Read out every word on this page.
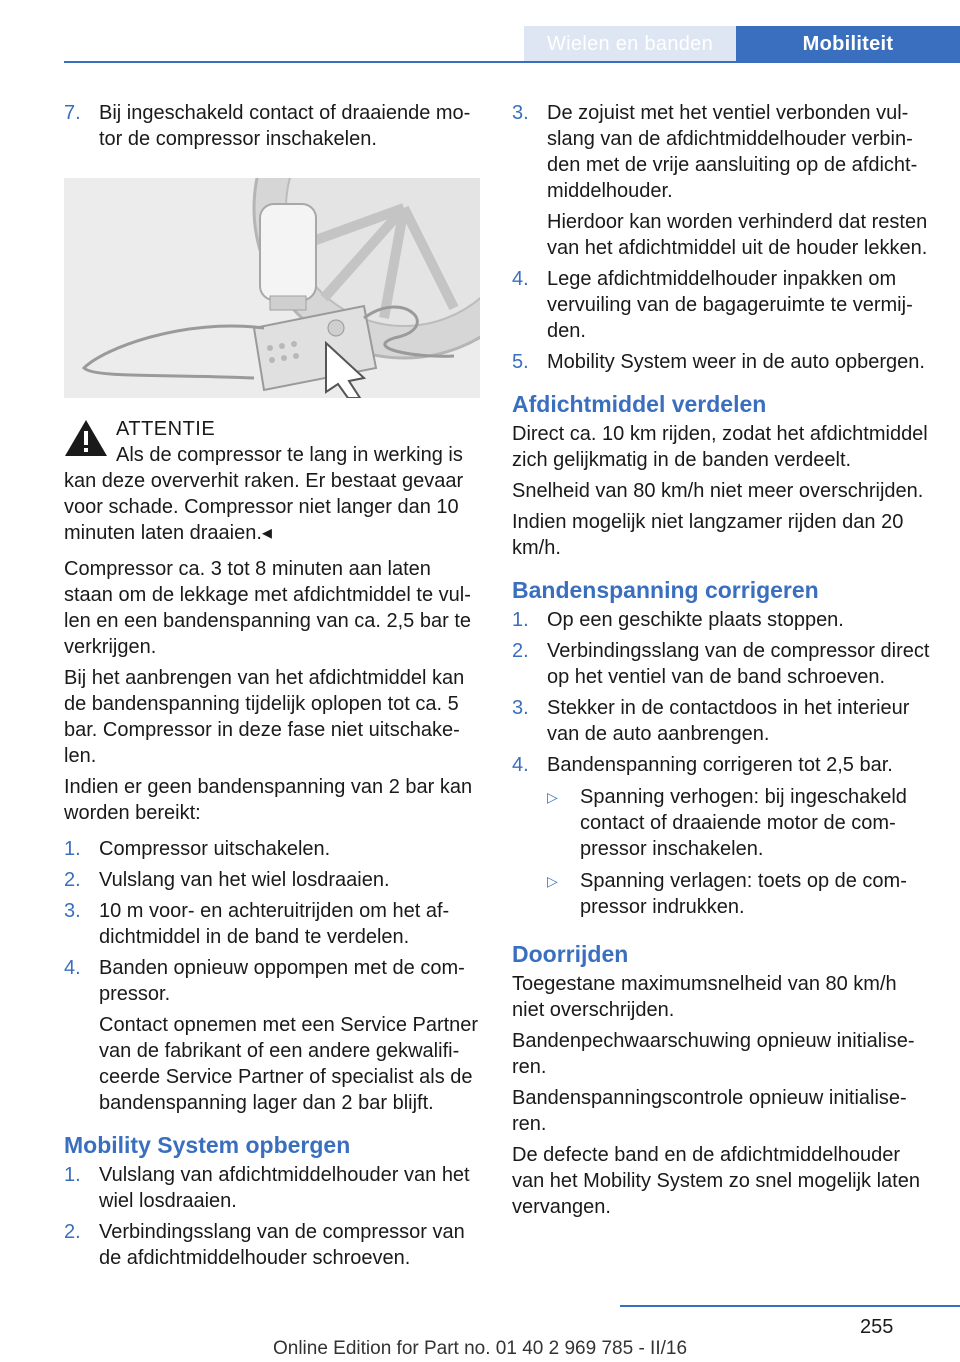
Wielen en banden	Mobiliteit
7. Bij ingeschakeld contact of draaiende motor de compressor inschakelen.
ATTENTIE
Als de compressor te lang in werking is
kan deze oververhit raken. Er bestaat gevaar voor schade. Compressor niet langer dan 10 minuten laten draaien.◂

Compressor ca. 3 tot 8 minuten aan laten staan om de lekkage met afdichtmiddel te vullen en een bandenspanning van ca. 2,5 bar te verkrijgen.

Bij het aanbrengen van het afdichtmiddel kan de bandenspanning tijdelijk oplopen tot ca. 5 bar. Compressor in deze fase niet uitschakelen.

Indien er geen bandenspanning van 2 bar kan worden bereikt:

1. Compressor uitschakelen.
2. Vulslang van het wiel losdraaien.
3. 10 m voor- en achteruitrijden om het afdichtmiddel in de band te verdelen.
4. Banden opnieuw oppompen met de compressor.

Contact opnemen met een Service Partner van de fabrikant of een andere gekwalificeerde Service Partner of specialist als de bandenspanning lager dan 2 bar blijft.

Mobility System opbergen
1. Vulslang van afdichtmiddelhouder van het wiel losdraaien.
2. Verbindingsslang van de compressor van de afdichtmiddelhouder schroeven.
3. De zojuist met het ventiel verbonden vulslang van de afdichtmiddelhouder verbinden met de vrije aansluiting op de afdichtmiddelhouder.

Hierdoor kan worden verhinderd dat resten van het afdichtmiddel uit de houder lekken.

4. Lege afdichtmiddelhouder inpakken om vervuiling van de bagageruimte te vermijden.
5. Mobility System weer in de auto opbergen.
Afdichtmiddel verdelen

Direct ca. 10 km rijden, zodat het afdichtmiddel zich gelijkmatig in de banden verdeelt.

Snelheid van 80 km/h niet meer overschrijden.

Indien mogelijk niet langzamer rijden dan 20 km/h.

Bandenspanning corrigeren
1. Op een geschikte plaats stoppen.
2. Verbindingsslang van de compressor direct op het ventiel van de band schroeven.
3. Stekker in de contactdoos in het interieur van de auto aanbrengen.
4. Bandenspanning corrigeren tot 2,5 bar.

▷	Spanning verhogen: bij ingeschakeld contact of draaiende motor de compressor inschakelen.
▷	Spanning verlagen: toets op de compressor indrukken.
Doorrijden

Toegestane maximumsnelheid van 80 km/h niet overschrijden.

Bandenpechwaarschuwing opnieuw initialiseren.

Bandenspanningscontrole opnieuw initialiseren.

De defecte band en de afdichtmiddelhouder van het Mobility System zo snel mogelijk laten vervangen.

255
Online Edition for Part no. 01 40 2 969 785 - II/16
